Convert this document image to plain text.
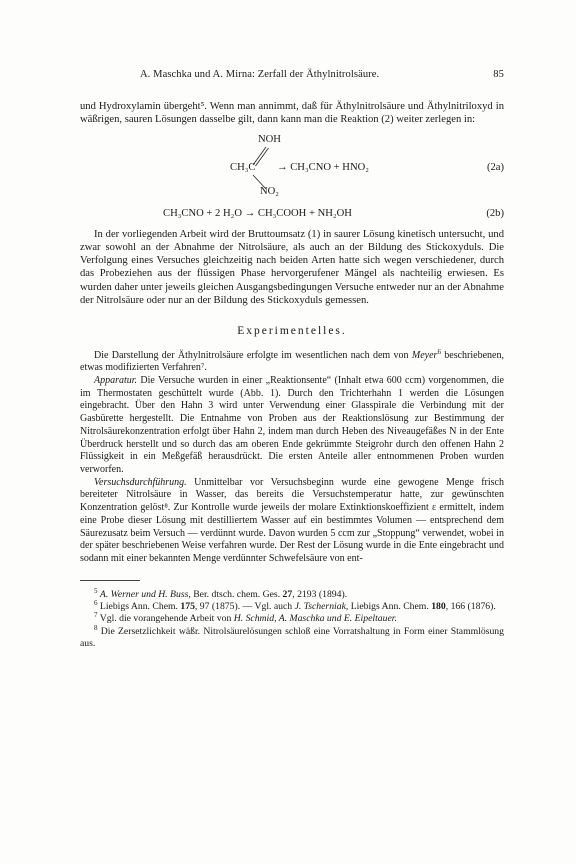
A. Maschka und A. Mirna: Zerfall der Äthylnitrolsäure.	85

und Hydroxylamin übergeht⁵. Wenn man annimmt, daß für Äthylnitrolsäure und Äthylnitriloxyd in wäßrigen, sauren Lösungen dasselbe gilt, dann kann man die Reaktion (2) weiter zerlegen in:

NOH
CH₃C → CH₃CNO + HNO₂	(2a)
NO₂
CH₃CNO + 2 H₂O → CH₃COOH + NH₂OH	(2b)

In der vorliegenden Arbeit wird der Bruttoumsatz (1) in saurer Lösung kinetisch untersucht, und zwar sowohl an der Abnahme der Nitrolsäure, als auch an der Bildung des Stickoxyduls. Die Verfolgung eines Versuches gleichzeitig nach beiden Arten hatte sich wegen verschiedener, durch das Probeziehen aus der flüssigen Phase hervorgerufener Mängel als nachteilig erwiesen. Es wurden daher unter jeweils gleichen Ausgangsbedingungen Versuche entweder nur an der Abnahme der Nitrolsäure oder nur an der Bildung des Stickoxyduls gemessen.

Experimentelles.

Die Darstellung der Äthylnitrolsäure erfolgte im wesentlichen nach dem von Meyer$^6$ beschriebenen, etwas modifizierten Verfahren⁷.

Apparatur. Die Versuche wurden in einer „Reaktionsente“ (Inhalt etwa 600 ccm) vorgenommen, die im Thermostaten geschüttelt wurde (Abb. 1). Durch den Trichterhahn 1 werden die Lösungen eingebracht. Über den Hahn 3 wird unter Verwendung einer Glasspirale die Verbindung mit der Gasbürette hergestellt. Die Entnahme von Proben aus der Reaktionslösung zur Bestimmung der Nitrolsäurekonzentration erfolgt über Hahn 2, indem man durch Heben des Niveaugefäßes N in der Ente Überdruck herstellt und so durch das am oberen Ende gekrümmte Steigrohr durch den offenen Hahn 2 Flüssigkeit in ein Meßgefäß herausdrückt. Die ersten Anteile aller entnommenen Proben wurden verworfen.

Versuchsdurchführung. Unmittelbar vor Versuchsbeginn wurde eine gewogene Menge frisch bereiteter Nitrolsäure in Wasser, das bereits die Versuchstemperatur hatte, zur gewünschten Konzentration gelöst⁸. Zur Kontrolle wurde jeweils der molare Extinktionskoeffizient ε ermittelt, indem eine Probe dieser Lösung mit destilliertem Wasser auf ein bestimmtes Volumen — entsprechend dem Säurezusatz beim Versuch — verdünnt wurde. Davon wurden 5 ccm zur „Stoppung“ verwendet, wobei in der später beschriebenen Weise verfahren wurde. Der Rest der Lösung wurde in die Ente eingebracht und sodann mit einer bekannten Menge verdünnter Schwefelsäure von ent-

$^5$ A. Werner und H. Buss, Ber. dtsch. chem. Ges. 27, 2193 (1894).

$^6$ Liebigs Ann. Chem. 175, 97 (1875). — Vgl. auch J. Tscherniak, Liebigs Ann. Chem. 180, 166 (1876).

$^7$ Vgl. die vorangehende Arbeit von H. Schmid, A. Maschka und E. Eipeltauer.

$^8$ Die Zersetzlichkeit wäßr. Nitrolsäurelösungen schloß eine Vorratshaltung in Form einer Stammlösung aus.
